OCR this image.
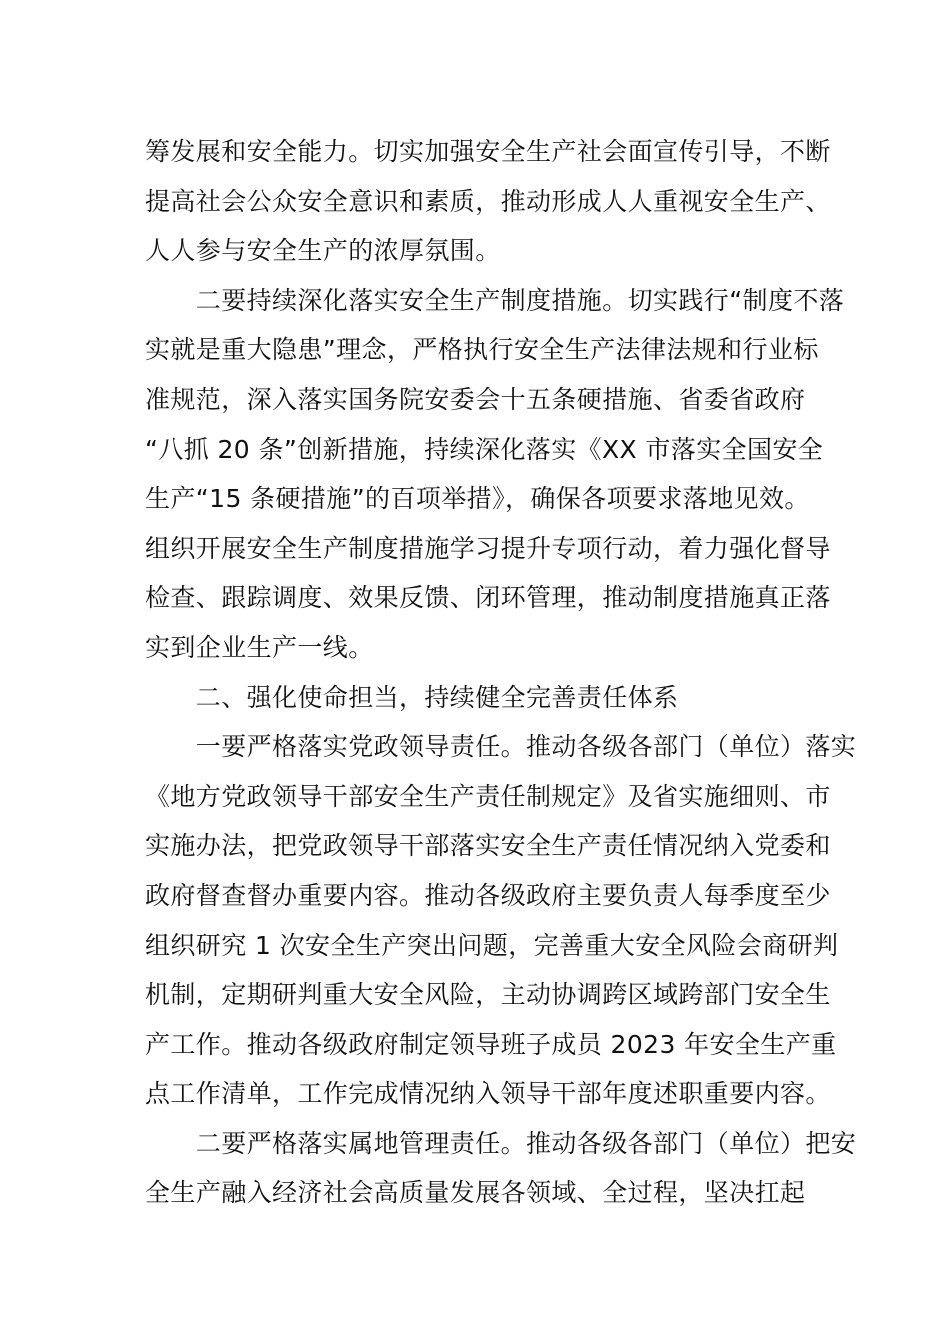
筹发展和安全能力。切实加强安全生产社会面宣传引导，不断
提高社会公众安全意识和素质，推动形成人人重视安全生产、
人人参与安全生产的浓厚氛围。
　　二要持续深化落实安全生产制度措施。切实践行“制度不落
实就是重大隐患”理念，严格执行安全生产法律法规和行业标
准规范，深入落实国务院安委会十五条硬措施、省委省政府
“八抓 20 条”创新措施，持续深化落实《XX 市落实全国安全
生产“15 条硬措施”的百项举措》，确保各项要求落地见效。
组织开展安全生产制度措施学习提升专项行动，着力强化督导
检查、跟踪调度、效果反馈、闭环管理，推动制度措施真正落
实到企业生产一线。
　　二、强化使命担当，持续健全完善责任体系
　　一要严格落实党政领导责任。推动各级各部门（单位）落实
《地方党政领导干部安全生产责任制规定》及省实施细则、市
实施办法，把党政领导干部落实安全生产责任情况纳入党委和
政府督查督办重要内容。推动各级政府主要负责人每季度至少
组织研究 1 次安全生产突出问题，完善重大安全风险会商研判
机制，定期研判重大安全风险，主动协调跨区域跨部门安全生
产工作。推动各级政府制定领导班子成员 2023 年安全生产重
点工作清单，工作完成情况纳入领导干部年度述职重要内容。
　　二要严格落实属地管理责任。推动各级各部门（单位）把安
全生产融入经济社会高质量发展各领域、全过程，坚决扛起
